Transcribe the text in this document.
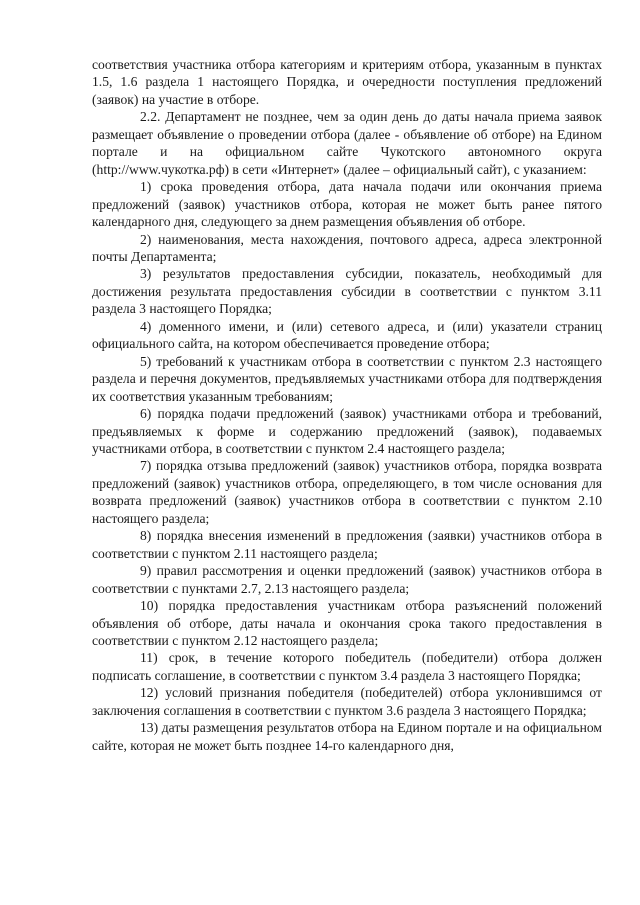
соответствия участника отбора категориям и критериям отбора, указанным в пунктах 1.5, 1.6 раздела 1 настоящего Порядка, и очередности поступления предложений (заявок) на участие в отборе.

2.2. Департамент не позднее, чем за один день до даты начала приема заявок размещает объявление о проведении отбора (далее - объявление об отборе) на Едином портале и на официальном сайте Чукотского автономного округа (http://www.чукотка.рф) в сети «Интернет» (далее – официальный сайт), с указанием:

1) срока проведения отбора, дата начала подачи или окончания приема предложений (заявок) участников отбора, которая не может быть ранее пятого календарного дня, следующего за днем размещения объявления об отборе.

2) наименования, места нахождения, почтового адреса, адреса электронной почты Департамента;

3) результатов предоставления субсидии, показатель, необходимый для достижения результата предоставления субсидии в соответствии с пунктом 3.11 раздела 3 настоящего Порядка;

4) доменного имени, и (или) сетевого адреса, и (или) указатели страниц официального сайта, на котором обеспечивается проведение отбора;

5) требований к участникам отбора в соответствии с пунктом 2.3 настоящего раздела и перечня документов, предъявляемых участниками отбора для подтверждения их соответствия указанным требованиям;

6) порядка подачи предложений (заявок) участниками отбора и требований, предъявляемых к форме и содержанию предложений (заявок), подаваемых участниками отбора, в соответствии с пунктом 2.4 настоящего раздела;

7) порядка отзыва предложений (заявок) участников отбора, порядка возврата предложений (заявок) участников отбора, определяющего, в том числе основания для возврата предложений (заявок) участников отбора в соответствии с пунктом 2.10 настоящего раздела;

8) порядка внесения изменений в предложения (заявки) участников отбора в соответствии с пунктом 2.11 настоящего раздела;

9) правил рассмотрения и оценки предложений (заявок) участников отбора в соответствии с пунктами 2.7, 2.13 настоящего раздела;

10) порядка предоставления участникам отбора разъяснений положений объявления об отборе, даты начала и окончания срока такого предоставления в соответствии с пунктом 2.12 настоящего раздела;

11) срок, в течение которого победитель (победители) отбора должен подписать соглашение, в соответствии с пунктом 3.4 раздела 3 настоящего Порядка;

12) условий признания победителя (победителей) отбора уклонившимся от заключения соглашения в соответствии с пунктом 3.6 раздела 3 настоящего Порядка;

13) даты размещения результатов отбора на Едином портале и на официальном сайте, которая не может быть позднее 14-го календарного дня,
